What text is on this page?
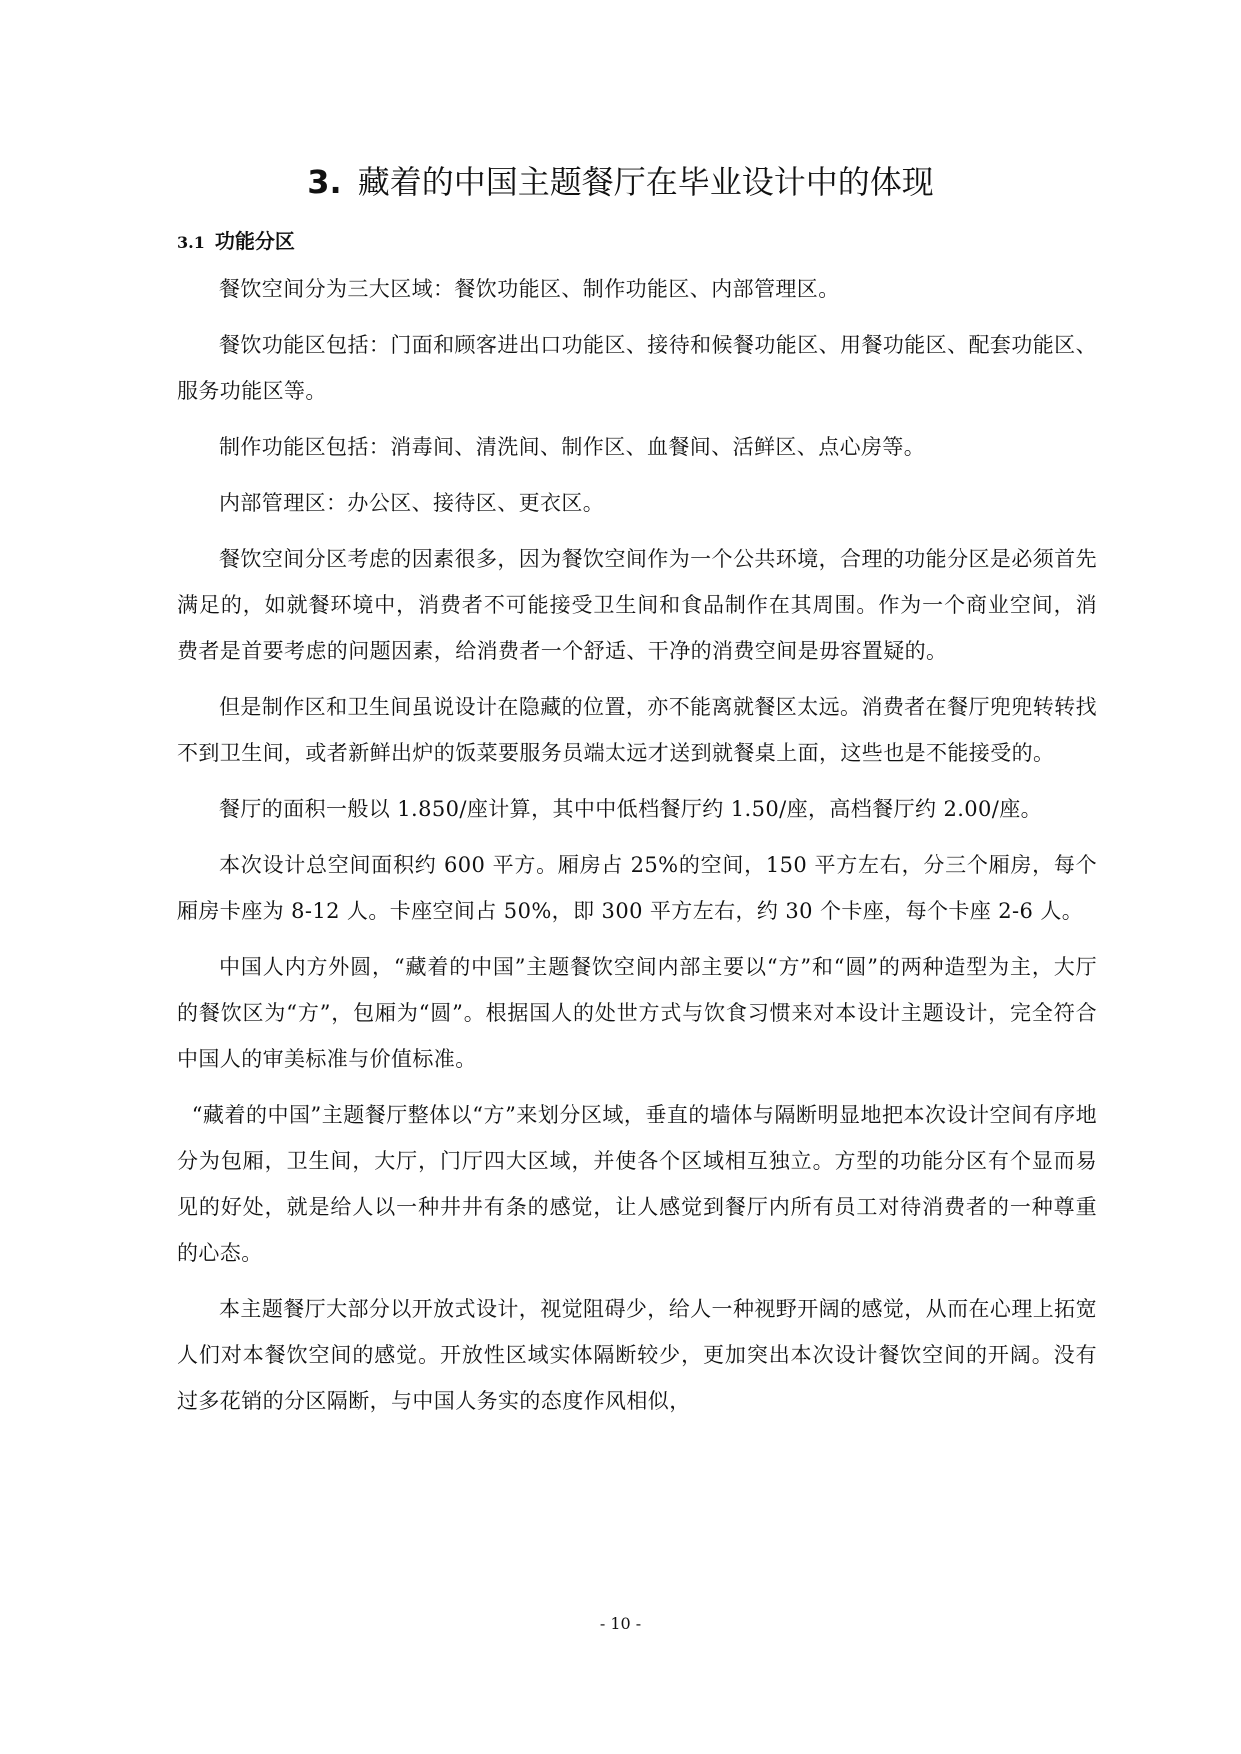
3. 藏着的中国主题餐厅在毕业设计中的体现
3.1 功能分区

餐饮空间分为三大区域：餐饮功能区、制作功能区、内部管理区。

餐饮功能区包括：门面和顾客进出口功能区、接待和候餐功能区、用餐功能区、配套功能区、服务功能区等。

制作功能区包括：消毒间、清洗间、制作区、血餐间、活鲜区、点心房等。

内部管理区：办公区、接待区、更衣区。

餐饮空间分区考虑的因素很多，因为餐饮空间作为一个公共环境，合理的功能分区是必须首先满足的，如就餐环境中，消费者不可能接受卫生间和食品制作在其周围。作为一个商业空间，消费者是首要考虑的问题因素，给消费者一个舒适、干净的消费空间是毋容置疑的。

但是制作区和卫生间虽说设计在隐藏的位置，亦不能离就餐区太远。消费者在餐厅兜兜转转找不到卫生间，或者新鲜出炉的饭菜要服务员端太远才送到就餐桌上面，这些也是不能接受的。

餐厅的面积一般以 1.850/座计算，其中中低档餐厅约 1.50/座，高档餐厅约 2.00/座。

本次设计总空间面积约 600 平方。厢房占 25%的空间，150 平方左右，分三个厢房，每个厢房卡座为 8-12 人。卡座空间占 50%，即 300 平方左右，约 30 个卡座，每个卡座 2-6 人。

中国人内方外圆，“藏着的中国”主题餐饮空间内部主要以“方”和“圆”的两种造型为主，大厅的餐饮区为“方”，包厢为“圆”。根据国人的处世方式与饮食习惯来对本设计主题设计，完全符合中国人的审美标准与价值标准。

“藏着的中国”主题餐厅整体以“方”来划分区域，垂直的墙体与隔断明显地把本次设计空间有序地分为包厢，卫生间，大厅，门厅四大区域，并使各个区域相互独立。方型的功能分区有个显而易见的好处，就是给人以一种井井有条的感觉，让人感觉到餐厅内所有员工对待消费者的一种尊重的心态。

本主题餐厅大部分以开放式设计，视觉阻碍少，给人一种视野开阔的感觉，从而在心理上拓宽人们对本餐饮空间的感觉。开放性区域实体隔断较少，更加突出本次设计餐饮空间的开阔。没有过多花销的分区隔断，与中国人务实的态度作风相似，

- 10 -
